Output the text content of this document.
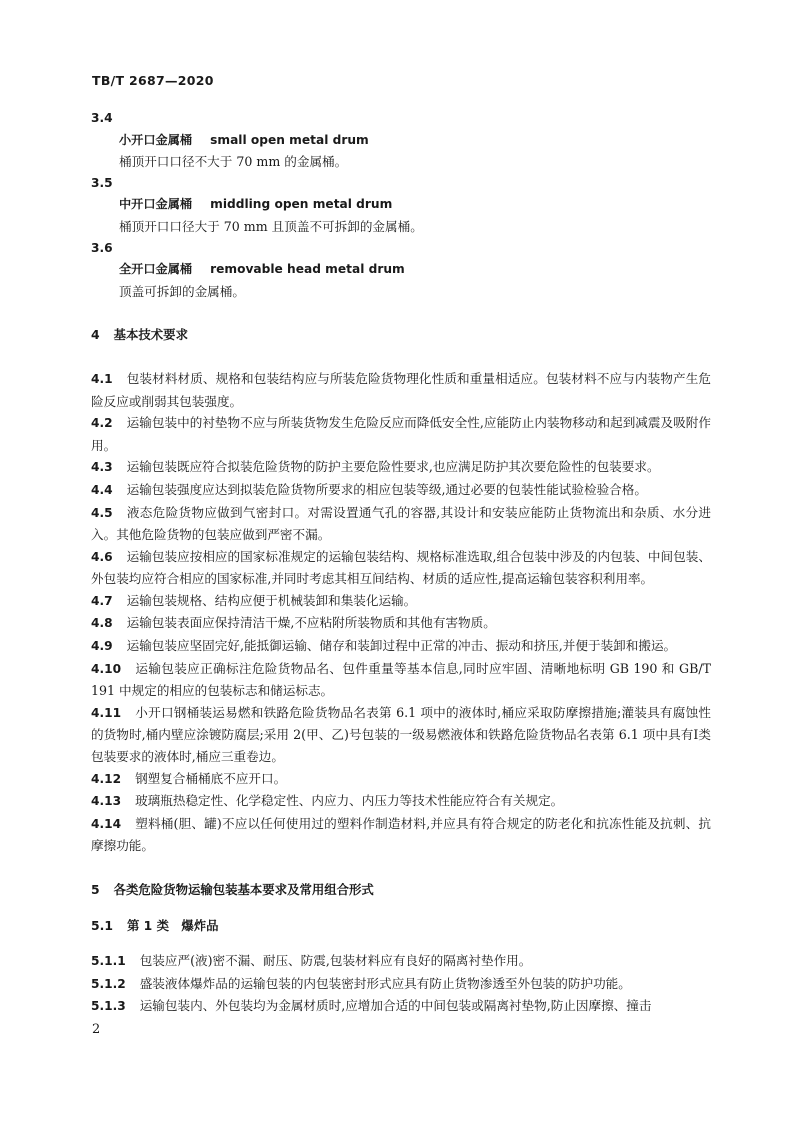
TB/T 2687—2020
3.4
小开口金属桶 small open metal drum
桶顶开口口径不大于 70 mm 的金属桶。
3.5
中开口金属桶 middling open metal drum
桶顶开口口径大于 70 mm 且顶盖不可拆卸的金属桶。
3.6
全开口金属桶 removable head metal drum
顶盖可拆卸的金属桶。
4 基本技术要求
4.1 包装材料材质、规格和包装结构应与所装危险货物理化性质和重量相适应。包装材料不应与内装物产生危险反应或削弱其包装强度。
4.2 运输包装中的衬垫物不应与所装货物发生危险反应而降低安全性,应能防止内装物移动和起到减震及吸附作用。
4.3 运输包装既应符合拟装危险货物的防护主要危险性要求,也应满足防护其次要危险性的包装要求。
4.4 运输包装强度应达到拟装危险货物所要求的相应包装等级,通过必要的包装性能试验检验合格。
4.5 液态危险货物应做到气密封口。对需设置通气孔的容器,其设计和安装应能防止货物流出和杂质、水分进入。其他危险货物的包装应做到严密不漏。
4.6 运输包装应按相应的国家标准规定的运输包装结构、规格标准选取,组合包装中涉及的内包装、中间包装、外包装均应符合相应的国家标准,并同时考虑其相互间结构、材质的适应性,提高运输包装容积利用率。
4.7 运输包装规格、结构应便于机械装卸和集装化运输。
4.8 运输包装表面应保持清洁干燥,不应粘附所装物质和其他有害物质。
4.9 运输包装应坚固完好,能抵御运输、储存和装卸过程中正常的冲击、振动和挤压,并便于装卸和搬运。
4.10 运输包装应正确标注危险货物品名、包件重量等基本信息,同时应牢固、清晰地标明 GB 190 和 GB/T 191 中规定的相应的包装标志和储运标志。
4.11 小开口钢桶装运易燃和铁路危险货物品名表第 6.1 项中的液体时,桶应采取防摩擦措施;灌装具有腐蚀性的货物时,桶内壁应涂镀防腐层;采用 2(甲、乙)号包装的一级易燃液体和铁路危险货物品名表第 6.1 项中具有Ⅰ类包装要求的液体时,桶应三重卷边。
4.12 钢塑复合桶桶底不应开口。
4.13 玻璃瓶热稳定性、化学稳定性、内应力、内压力等技术性能应符合有关规定。
4.14 塑料桶(胆、罐)不应以任何使用过的塑料作制造材料,并应具有符合规定的防老化和抗冻性能及抗刺、抗摩擦功能。
5 各类危险货物运输包装基本要求及常用组合形式
5.1 第 1 类　爆炸品
5.1.1 包装应严(液)密不漏、耐压、防震,包装材料应有良好的隔离衬垫作用。
5.1.2 盛装液体爆炸品的运输包装的内包装密封形式应具有防止货物渗透至外包装的防护功能。
5.1.3 运输包装内、外包装均为金属材质时,应增加合适的中间包装或隔离衬垫物,防止因摩擦、撞击
2
